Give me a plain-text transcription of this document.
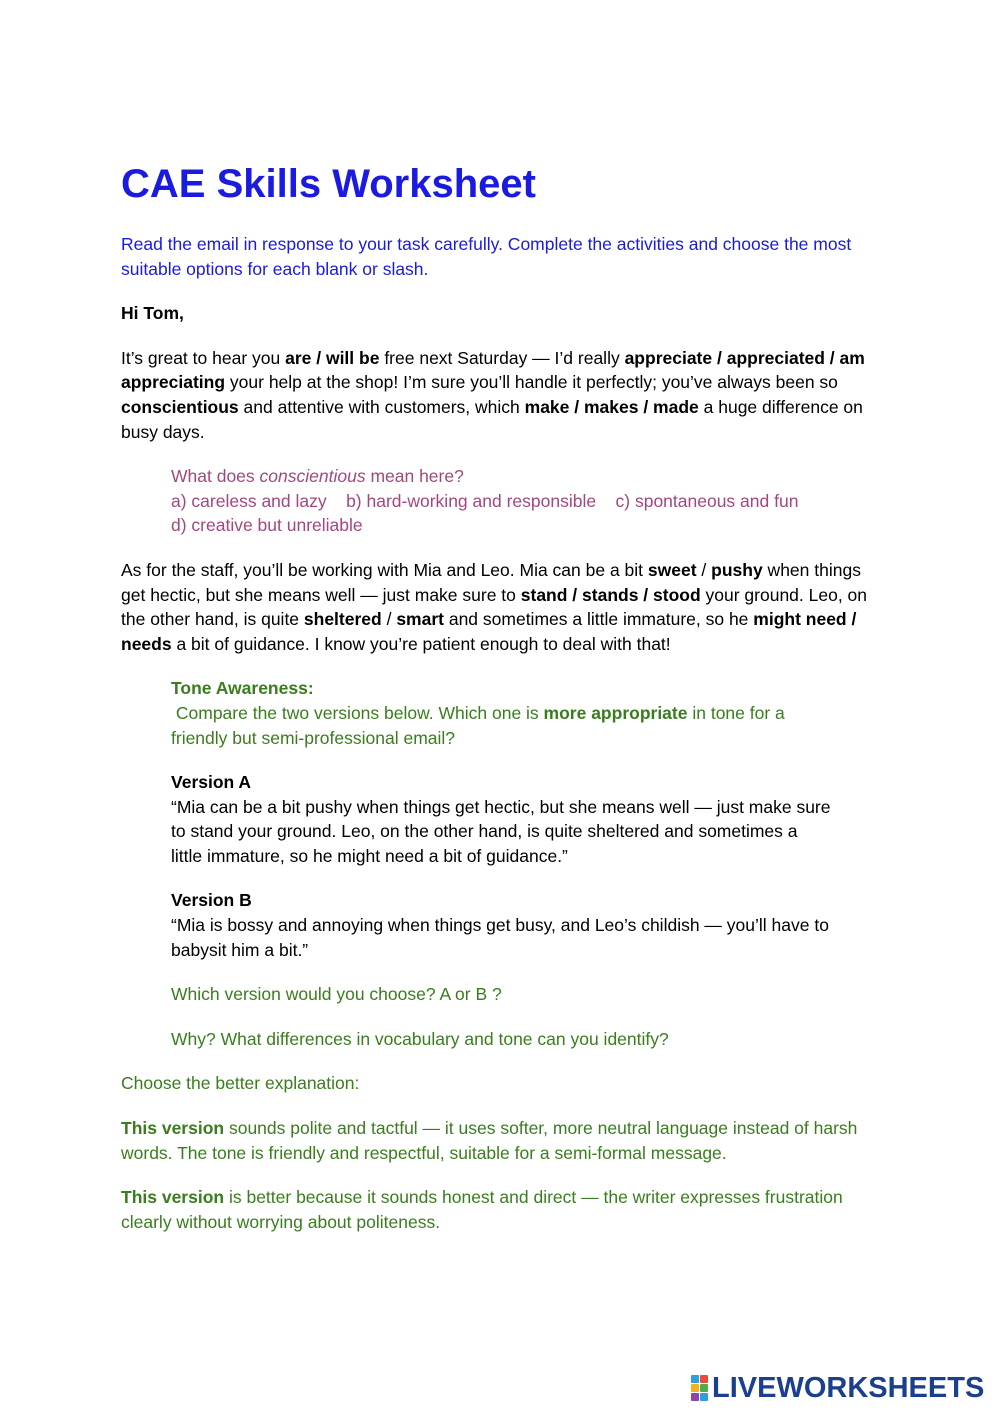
CAE Skills Worksheet

Read the email in response to your task carefully. Complete the activities and choose the most suitable options for each blank or slash.

Hi Tom,

It’s great to hear you are / will be free next Saturday — I’d really appreciate / appreciated / am appreciating your help at the shop! I’m sure you’ll handle it perfectly; you’ve always been so conscientious and attentive with customers, which make / makes / made a huge difference on busy days.

What does conscientious mean here?
a) careless and lazy    b) hard-working and responsible    c) spontaneous and fun    d) creative but unreliable

As for the staff, you’ll be working with Mia and Leo. Mia can be a bit sweet / pushy when things get hectic, but she means well — just make sure to stand / stands / stood your ground. Leo, on the other hand, is quite sheltered / smart and sometimes a little immature, so he might need / needs a bit of guidance. I know you’re patient enough to deal with that!

Tone Awareness:
Compare the two versions below. Which one is more appropriate in tone for a friendly but semi-professional email?

Version A
“Mia can be a bit pushy when things get hectic, but she means well — just make sure to stand your ground. Leo, on the other hand, is quite sheltered and sometimes a little immature, so he might need a bit of guidance.”

Version B
“Mia is bossy and annoying when things get busy, and Leo’s childish — you’ll have to babysit him a bit.”

Which version would you choose? A or B ?

Why? What differences in vocabulary and tone can you identify?

Choose the better explanation:

This version sounds polite and tactful — it uses softer, more neutral language instead of harsh words. The tone is friendly and respectful, suitable for a semi-formal message.

This version is better because it sounds honest and direct — the writer expresses frustration clearly without worrying about politeness.

LIVEWORKSHEETS
